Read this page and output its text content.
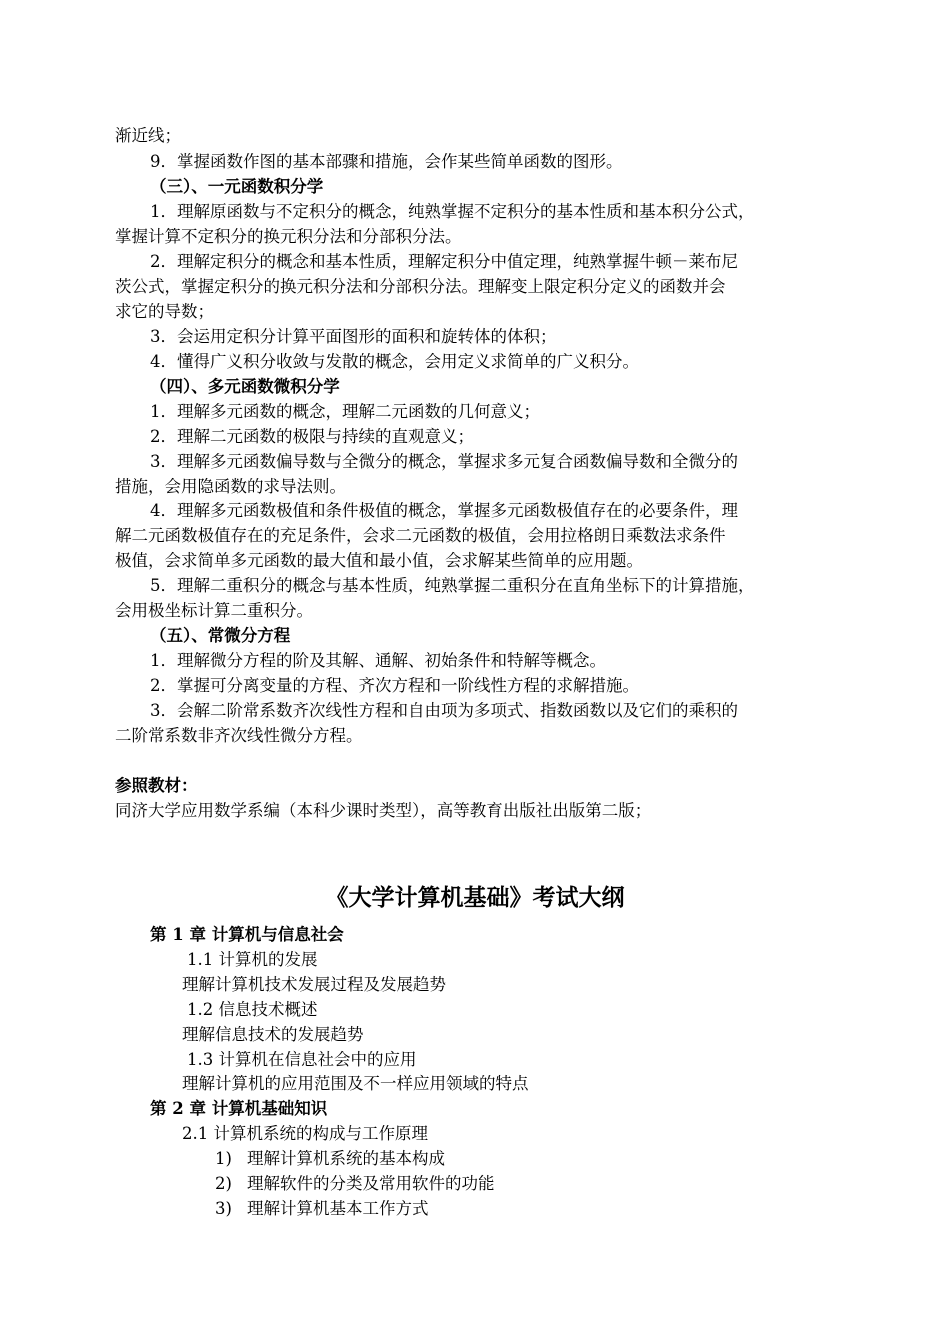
渐近线；
9．掌握函数作图的基本部骤和措施，会作某些简单函数的图形。
（三）、一元函数积分学
1．理解原函数与不定积分的概念，纯熟掌握不定积分的基本性质和基本积分公式，
掌握计算不定积分的换元积分法和分部积分法。
2．理解定积分的概念和基本性质，理解定积分中值定理，纯熟掌握牛顿－莱布尼
茨公式，掌握定积分的换元积分法和分部积分法。理解变上限定积分定义的函数并会
求它的导数；
3．会运用定积分计算平面图形的面积和旋转体的体积；
4．懂得广义积分收敛与发散的概念，会用定义求简单的广义积分。
（四）、多元函数微积分学
1．理解多元函数的概念，理解二元函数的几何意义；
2．理解二元函数的极限与持续的直观意义；
3．理解多元函数偏导数与全微分的概念，掌握求多元复合函数偏导数和全微分的
措施，会用隐函数的求导法则。
4．理解多元函数极值和条件极值的概念，掌握多元函数极值存在的必要条件，理
解二元函数极值存在的充足条件，会求二元函数的极值，会用拉格朗日乘数法求条件
极值，会求简单多元函数的最大值和最小值，会求解某些简单的应用题。
5．理解二重积分的概念与基本性质，纯熟掌握二重积分在直角坐标下的计算措施，
会用极坐标计算二重积分。
（五）、常微分方程
1．理解微分方程的阶及其解、通解、初始条件和特解等概念。
2．掌握可分离变量的方程、齐次方程和一阶线性方程的求解措施。
3．会解二阶常系数齐次线性方程和自由项为多项式、指数函数以及它们的乘积的
二阶常系数非齐次线性微分方程。
参照教材：
同济大学应用数学系编（本科少课时类型），高等教育出版社出版第二版；
《大学计算机基础》考试大纲
第 1 章 计算机与信息社会
1.1 计算机的发展
理解计算机技术发展过程及发展趋势
1.2 信息技术概述
理解信息技术的发展趋势
1.3 计算机在信息社会中的应用
理解计算机的应用范围及不一样应用领域的特点
第 2 章 计算机基础知识
2.1 计算机系统的构成与工作原理
1) 理解计算机系统的基本构成
2) 理解软件的分类及常用软件的功能
3) 理解计算机基本工作方式
